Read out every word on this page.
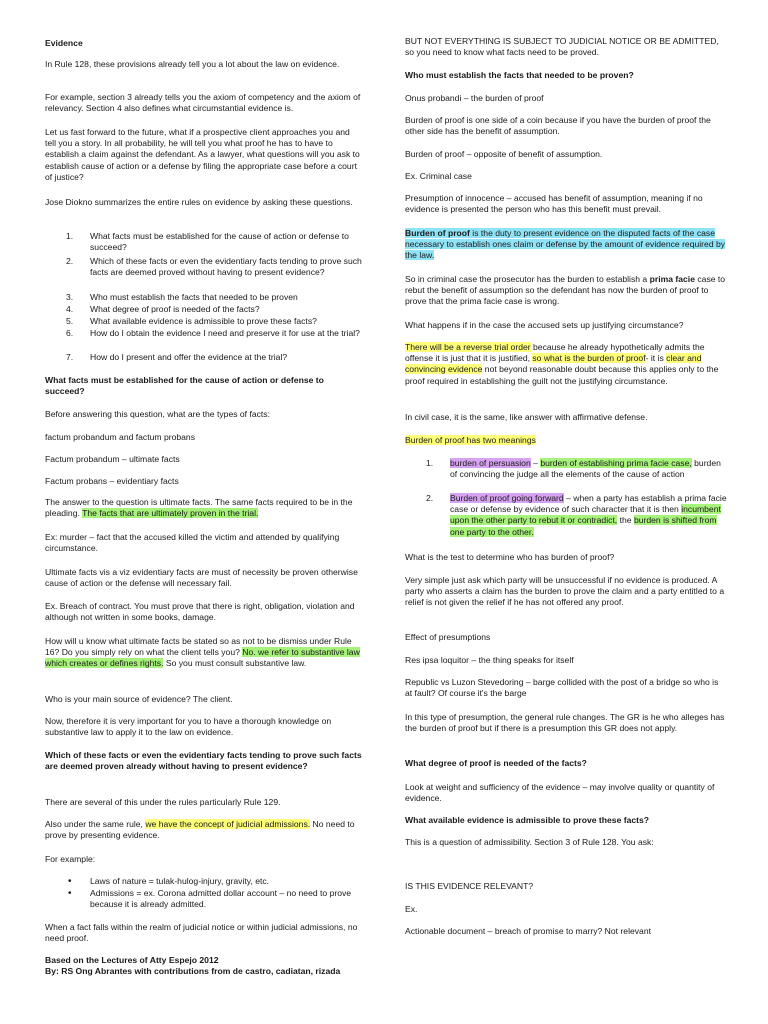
Evidence

In Rule 128, these provisions already tell you a lot about the law on evidence.

For example, section 3 already tells you the axiom of competency and the axiom of relevancy. Section 4 also defines what circumstantial evidence is.

Let us fast forward to the future, what if a prospective client approaches you and tell you a story. In all probability, he will tell you what proof he has to have to establish a claim against the defendant. As a lawyer, what questions will you ask to establish cause of action or a defense by filing the appropriate case before a court of justice?

Jose Diokno summarizes the entire rules on evidence by asking these questions.

1.	What facts must be established for the cause of action or defense to succeed?
2.	Which of these facts or even the evidentiary facts tending to prove such facts are deemed proved without having to present evidence?
3.	Who must establish the facts that needed to be proven
4.	What degree of proof is needed of the facts?
5.	What available evidence is admissible to prove these facts?
6.	How do I obtain the evidence I need and preserve it for use at the trial?
7.	How do I present and offer the evidence at the trial?

What facts must be established for the cause of action or defense to succeed?

Before answering this question, what are the types of facts:

factum probandum and factum probans

Factum probandum – ultimate facts

Factum probans – evidentiary facts

The answer to the question is ultimate facts. The same facts required to be in the pleading. The facts that are ultimately proven in the trial.

Ex: murder – fact that the accused killed the victim and attended by qualifying circumstance.

Ultimate facts vis a viz evidentiary facts are must of necessity be proven otherwise cause of action or the defense will necessary fail.

Ex. Breach of contract. You must prove that there is right, obligation, violation and although not written in some books, damage.

How will u know what ultimate facts be stated so as not to be dismiss under Rule 16? Do you simply rely on what the client tells you? No. we refer to substantive law which creates or defines rights. So you must consult substantive law.

Who is your main source of evidence? The client.

Now, therefore it is very important for you to have a thorough knowledge on substantive law to apply it to the law on evidence.

Which of these facts or even the evidentiary facts tending to prove such facts are deemed proven already without having to present evidence?

There are several of this under the rules particularly Rule 129.

Also under the same rule, we have the concept of judicial admissions. No need to prove by presenting evidence.

For example:

•	Laws of nature = tulak-hulog-injury, gravity, etc.
•	Admissions = ex. Corona admitted dollar account – no need to prove because it is already admitted.

When a fact falls within the realm of judicial notice or within judicial admissions, no need proof.

Based on the Lectures of Atty Espejo 2012
By: RS Ong Abrantes with contributions from de castro, cadiatan, rizada

BUT NOT EVERYTHING IS SUBJECT TO JUDICIAL NOTICE OR BE ADMITTED, so you need to know what facts need to be proved.

Who must establish the facts that needed to be proven?

Onus probandi – the burden of proof

Burden of proof is one side of a coin because if you have the burden of proof the other side has the benefit of assumption.

Burden of proof – opposite of benefit of assumption.

Ex. Criminal case

Presumption of innocence – accused has benefit of assumption, meaning if no evidence is presented the person who has this benefit must prevail.

Burden of proof is the duty to present evidence on the disputed facts of the case necessary to establish ones claim or defense by the amount of evidence required by the law.

So in criminal case the prosecutor has the burden to establish a prima facie case to rebut the benefit of assumption so the defendant has now the burden of proof to prove that the prima facie case is wrong.

What happens if in the case the accused sets up justifying circumstance?

There will be a reverse trial order because he already hypothetically admits the offense it is just that it is justified, so what is the burden of proof- it is clear and convincing evidence not beyond reasonable doubt because this applies only to the proof required in establishing the guilt not the justifying circumstance.

In civil case, it is the same, like answer with affirmative defense.

Burden of proof has two meanings

1.	burden of persuasion – burden of establishing prima facie case, burden of convincing the judge all the elements of the cause of action
2.	Burden of proof going forward – when a party has establish a prima facie case or defense by evidence of such character that it is then incumbent upon the other party to rebut it or contradict, the burden is shifted from one party to the other.

What is the test to determine who has burden of proof?

Very simple just ask which party will be unsuccessful if no evidence is produced. A party who asserts a claim has the burden to prove the claim and a party entitled to a relief is not given the relief if he has not offered any proof.

Effect of presumptions

Res ipsa loquitor – the thing speaks for itself

Republic vs Luzon Stevedoring – barge collided with the post of a bridge so who is at fault? Of course it's the barge

In this type of presumption, the general rule changes. The GR is he who alleges has the burden of proof but if there is a presumption this GR does not apply.

What degree of proof is needed of the facts?

Look at weight and sufficiency of the evidence – may involve quality or quantity of evidence.

What available evidence is admissible to prove these facts?

This is a question of admissibility. Section 3 of Rule 128. You ask:

IS THIS EVIDENCE RELEVANT?

Ex.

Actionable document – breach of promise to marry? Not relevant
